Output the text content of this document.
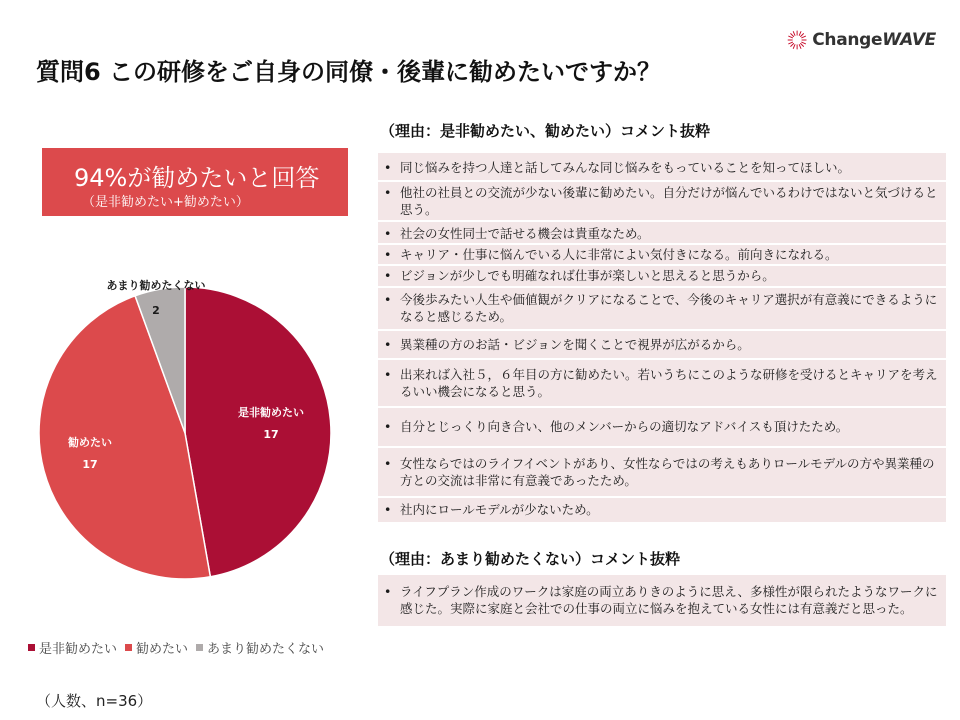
ChangeWAVE
質問6 この研修をご自身の同僚・後輩に勧めたいですか？
94%が勧めたいと回答
（是非勧めたい+勧めたい）
是非勧めたい
17
勧めたい
17
あまり勧めたくない
2
是非勧めたい 勧めたい あまり勧めたくない
（人数、n=36）
（理由：是非勧めたい、勧めたい）コメント抜粋
• 同じ悩みを持つ人達と話してみんな同じ悩みをもっていることを知ってほしい。
• 他社の社員との交流が少ない後輩に勧めたい。自分だけが悩んでいるわけではないと気づけると思う。
• 社会の女性同士で話せる機会は貴重なため。
• キャリア・仕事に悩んでいる人に非常によい気付きになる。前向きになれる。
• ビジョンが少しでも明確なれば仕事が楽しいと思えると思うから。
• 今後歩みたい人生や価値観がクリアになることで、今後のキャリア選択が有意義にできるようになると感じるため。
• 異業種の方のお話・ビジョンを聞くことで視界が広がるから。
• 出来れば入社５，６年目の方に勧めたい。若いうちにこのような研修を受けるとキャリアを考えるいい機会になると思う。
• 自分とじっくり向き合い、他のメンバーからの適切なアドバイスも頂けたため。
• 女性ならではのライフイベントがあり、女性ならではの考えもありロールモデルの方や異業種の方との交流は非常に有意義であったため。
• 社内にロールモデルが少ないため。
（理由：あまり勧めたくない）コメント抜粋
• ライフプラン作成のワークは家庭の両立ありきのように思え、多様性が限られたようなワークに感じた。実際に家庭と会社での仕事の両立に悩みを抱えている女性には有意義だと思った。
